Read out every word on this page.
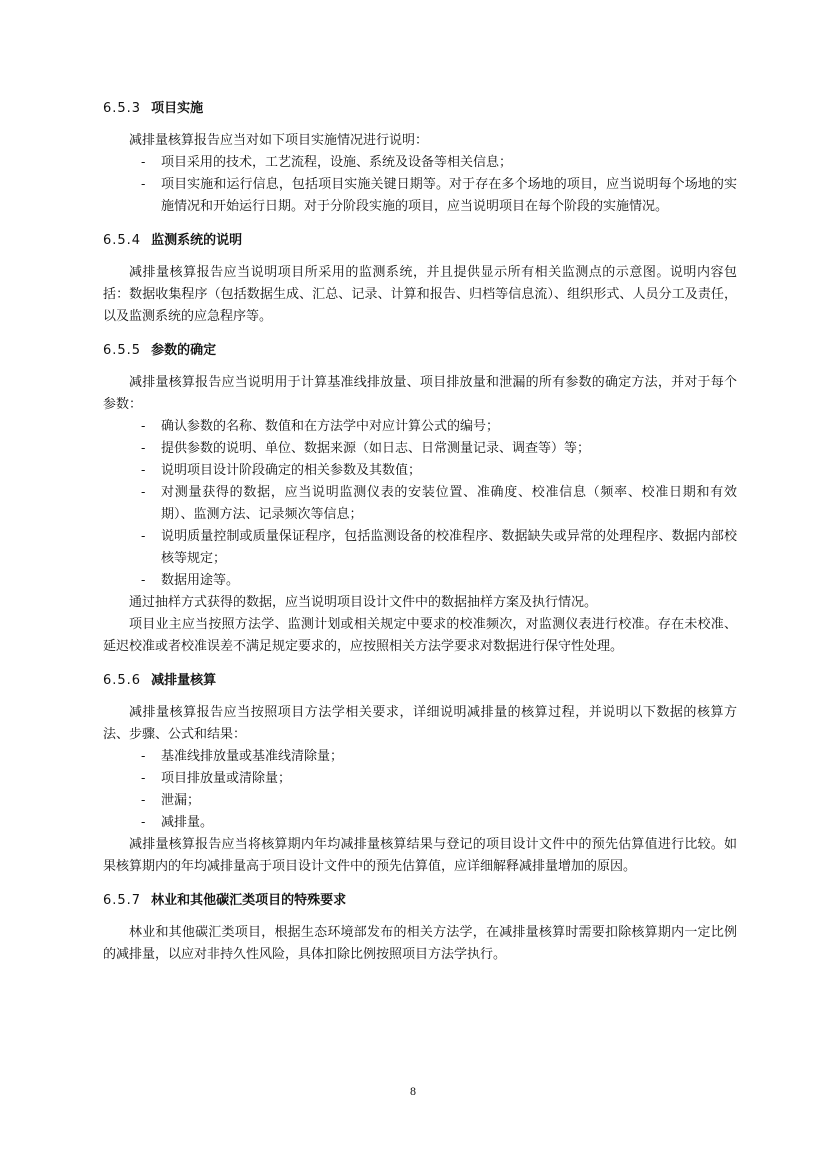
6.5.3 项目实施

减排量核算报告应当对如下项目实施情况进行说明：

- 项目采用的技术，工艺流程，设施、系统及设备等相关信息；
- 项目实施和运行信息，包括项目实施关键日期等。对于存在多个场地的项目，应当说明每个场地的实施情况和开始运行日期。对于分阶段实施的项目，应当说明项目在每个阶段的实施情况。
6.5.4 监测系统的说明

减排量核算报告应当说明项目所采用的监测系统，并且提供显示所有相关监测点的示意图。说明内容包括：数据收集程序（包括数据生成、汇总、记录、计算和报告、归档等信息流）、组织形式、人员分工及责任，以及监测系统的应急程序等。

6.5.5 参数的确定

减排量核算报告应当说明用于计算基准线排放量、项目排放量和泄漏的所有参数的确定方法，并对于每个参数：

- 确认参数的名称、数值和在方法学中对应计算公式的编号；
- 提供参数的说明、单位、数据来源（如日志、日常测量记录、调查等）等；
- 说明项目设计阶段确定的相关参数及其数值；
- 对测量获得的数据，应当说明监测仪表的安装位置、准确度、校准信息（频率、校准日期和有效期）、监测方法、记录频次等信息；
- 说明质量控制或质量保证程序，包括监测设备的校准程序、数据缺失或异常的处理程序、数据内部校核等规定；
- 数据用途等。

通过抽样方式获得的数据，应当说明项目设计文件中的数据抽样方案及执行情况。

项目业主应当按照方法学、监测计划或相关规定中要求的校准频次，对监测仪表进行校准。存在未校准、延迟校准或者校准误差不满足规定要求的，应按照相关方法学要求对数据进行保守性处理。

6.5.6 减排量核算

减排量核算报告应当按照项目方法学相关要求，详细说明减排量的核算过程，并说明以下数据的核算方法、步骤、公式和结果：

- 基准线排放量或基准线清除量；
- 项目排放量或清除量；
- 泄漏；
- 减排量。

减排量核算报告应当将核算期内年均减排量核算结果与登记的项目设计文件中的预先估算值进行比较。如果核算期内的年均减排量高于项目设计文件中的预先估算值，应详细解释减排量增加的原因。

6.5.7 林业和其他碳汇类项目的特殊要求

林业和其他碳汇类项目，根据生态环境部发布的相关方法学，在减排量核算时需要扣除核算期内一定比例的减排量，以应对非持久性风险，具体扣除比例按照项目方法学执行。

8
